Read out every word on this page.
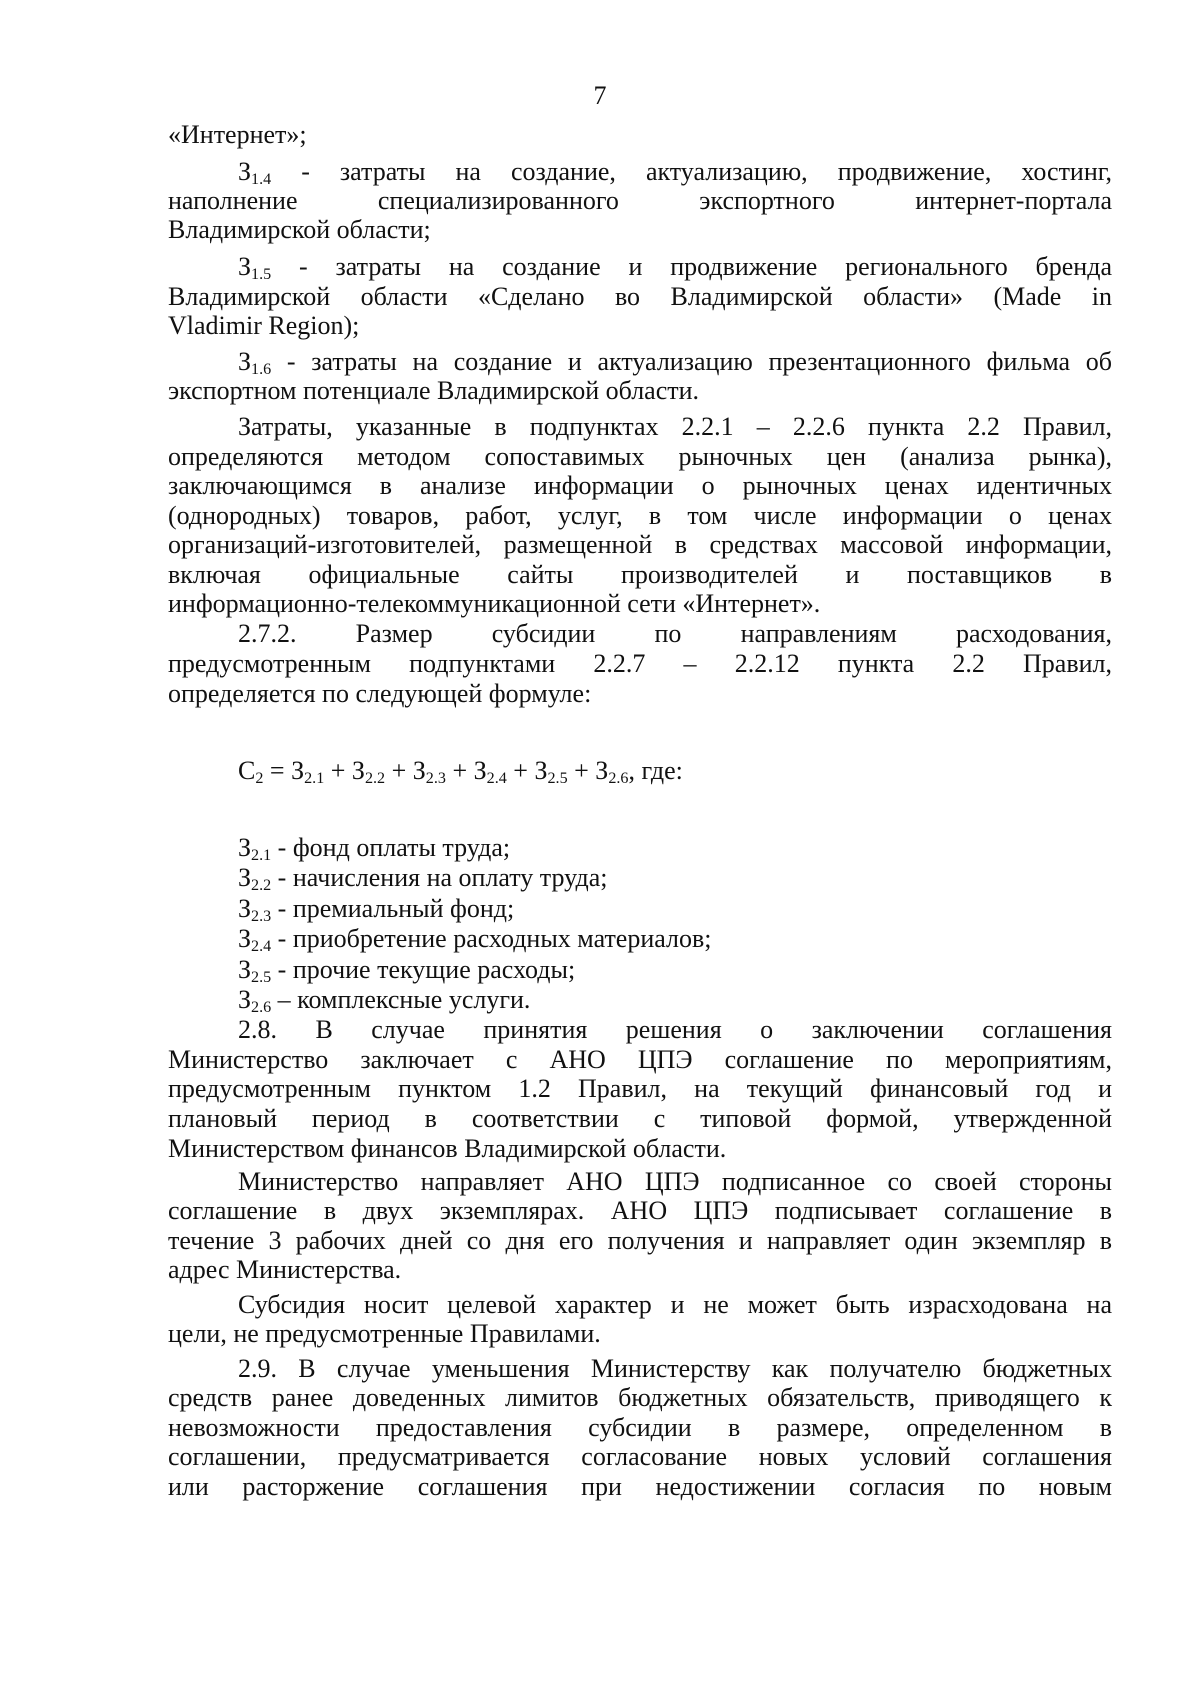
7
«Интернет»;
$З_{1.4}$ - затраты на создание, актуализацию, продвижение, хостинг,
наполнение специализированного экспортного интернет-портала
Владимирской области;
$З_{1.5}$ - затраты на создание и продвижение регионального бренда
Владимирской области «Сделано во Владимирской области» (Made in
Vladimir Region);
$З_{1.6}$ - затраты на создание и актуализацию презентационного фильма об
экспортном потенциале Владимирской области.
Затраты, указанные в подпунктах 2.2.1 – 2.2.6 пункта 2.2 Правил,
определяются методом сопоставимых рыночных цен (анализа рынка),
заключающимся в анализе информации о рыночных ценах идентичных
(однородных) товаров, работ, услуг, в том числе информации о ценах
организаций-изготовителей, размещенной в средствах массовой информации,
включая официальные сайты производителей и поставщиков в
информационно-телекоммуникационной сети «Интернет».
2.7.2. Размер субсидии по направлениям расходования,
предусмотренным подпунктами 2.2.7 – 2.2.12 пункта 2.2 Правил,
определяется по следующей формуле:
$С_2 = З_{2.1} + З_{2.2} + З_{2.3} + З_{2.4} + З_{2.5} + З_{2.6}$, где:
$З_{2.1}$ - фонд оплаты труда;
$З_{2.2}$ - начисления на оплату труда;
$З_{2.3}$ - премиальный фонд;
$З_{2.4}$ - приобретение расходных материалов;
$З_{2.5}$ - прочие текущие расходы;
$З_{2.6}$ – комплексные услуги.
2.8. В случае принятия решения о заключении соглашения
Министерство заключает с АНО ЦПЭ соглашение по мероприятиям,
предусмотренным пунктом 1.2 Правил, на текущий финансовый год и
плановый период в соответствии с типовой формой, утвержденной
Министерством финансов Владимирской области.
Министерство направляет АНО ЦПЭ подписанное со своей стороны
соглашение в двух экземплярах. АНО ЦПЭ подписывает соглашение в
течение 3 рабочих дней со дня его получения и направляет один экземпляр в
адрес Министерства.
Субсидия носит целевой характер и не может быть израсходована на
цели, не предусмотренные Правилами.
2.9. В случае уменьшения Министерству как получателю бюджетных
средств ранее доведенных лимитов бюджетных обязательств, приводящего к
невозможности предоставления субсидии в размере, определенном в
соглашении, предусматривается согласование новых условий соглашения
или расторжение соглашения при недостижении согласия по новым
